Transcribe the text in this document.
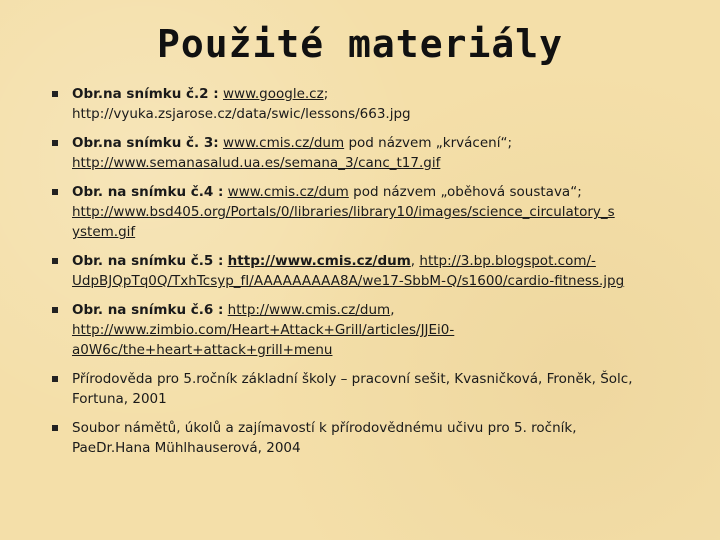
Použité materiály
Obr.na snímku č.2 : www.google.cz;
http://vyuka.zsjarose.cz/data/swic/lessons/663.jpg
Obr.na snímku č. 3: www.cmis.cz/dum pod názvem „krvácení“;
http://www.semanasalud.ua.es/semana_3/canc_t17.gif
Obr. na snímku č.4 : www.cmis.cz/dum pod názvem „oběhová soustava“;
http://www.bsd405.org/Portals/0/libraries/library10/images/science_circulatory_s
ystem.gif
Obr. na snímku č.5 : http://www.cmis.cz/dum, http://3.bp.blogspot.com/-
UdpBJQpTq0Q/TxhTcsyp_fI/AAAAAAAAA8A/we17-SbbM-Q/s1600/cardio-fitness.jpg
Obr. na snímku č.6 : http://www.cmis.cz/dum,
http://www.zimbio.com/Heart+Attack+Grill/articles/JJEi0-
a0W6c/the+heart+attack+grill+menu
Přírodověda pro 5.ročník základní školy – pracovní sešit, Kvasničková, Froněk, Šolc,
Fortuna, 2001
Soubor námětů, úkolů a zajímavostí k přírodovědnému učivu pro 5. ročník,
PaeDr.Hana Mühlhauserová, 2004
